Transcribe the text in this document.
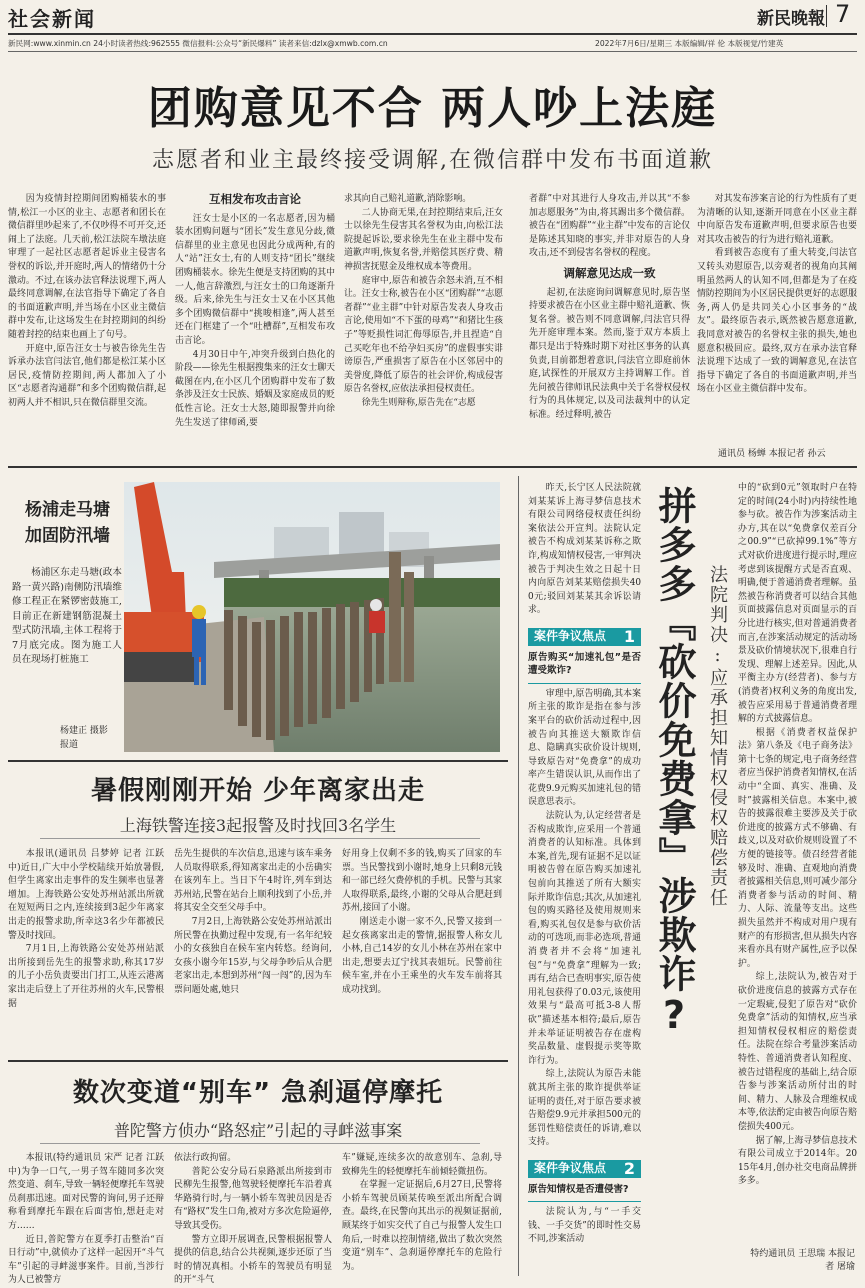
社会新闻	新民晚報 7
新民网:www.xinmin.cn 24小时读者热线:962555 微信报料:公众号“新民爆料” 读者来信:dzlx@xmwb.com.cn	2022年7月6日/星期三 本版编辑/祥 伦 本版视觉/竹建英
团购意见不合 两人吵上法庭
志愿者和业主最终接受调解,在微信群中发布书面道歉

因为疫情封控期间团购桶装水的事情,松江一小区的业主、志愿者和团长在微信群里吵起来了,不仅吵得不可开交,还闹上了法庭。几天前,松江法院车墩法庭审理了一起社区志愿者起诉业主侵害名誉权的诉讼,并开庭时,两人的情绪仍十分激动。不过,在该办法官释法说理下,两人最终同意调解,在法官指导下确定了各自的书面道歉声明,并当场在小区业主微信群中发布,让这场发生在封控期间的纠纷随着封控的结束也画上了句号。

开庭中,原告汪女士与被告徐先生告诉承办法官闫法官,他们都是松江某小区居民,疫情防控期间,两人都加入了小区“志愿者沟通群”和多个团购微信群,起初两人并不相识,只在微信群里交流。

互相发布攻击言论

汪女士是小区的一名志愿者,因为桶装水团购问题与“团长”发生意见分歧,微信群里的业主意见也因此分成两种,有的人“站”汪女士,有的人则支持“团长”继续团购桶装水。徐先生便是支持团购的其中一人,他言辞激烈,与汪女士的口角逐渐升级。后来,徐先生与汪女士又在小区其他多个团购微信群中“挑唆相逢”,两人甚至还在门框建了一个“吐槽群”,互相发布攻击言论。

4月30日中午,冲突升级到白热化的阶段——徐先生根据搜集来的汪女士聊天截图在内,在小区几个团购群中发布了数条涉及汪女士民族、婚姻及家庭成员的贬低性言论。汪女士大怒,随即报警并向徐先生发送了律师函,要

求其向自己赔礼道歉,消除影响。

二人协商无果,在封控期结束后,汪女士以徐先生侵害其名誉权为由,向松江法院提起诉讼,要求徐先生在业主群中发布道歉声明,恢复名誉,并赔偿其医疗费、精神损害抚慰金及维权成本等费用。

庭审中,原告和被告余怒未消,互不相让。汪女士称,被告在小区“团购群”“志愿者群”“业主群”中针对原告发表人身攻击言论,使用如“不下蛋的母鸡”“和猪比生孩子”等贬损性词汇侮辱原告,并且捏造“自己买吃年也不给孕妇买房”的虚假事实诽谤原告,严重损害了原告在小区邻居中的美誉度,降低了原告的社会评价,构成侵害原告名誉权,应依法承担侵权责任。

徐先生则辩称,原告先在“志愿

者群”中对其进行人身攻击,并以其“不参加志愿服务”为由,将其踢出多个微信群。被告在“团购群”“业主群”中发布的言论仅是陈述其知晓的事实,并非对原告的人身攻击,还不到侵害名誉权的程度。

调解意见达成一致

起初,在法庭询问调解意见时,原告坚持要求被告在小区业主群中赔礼道歉、恢复名誉。被告则不同意调解,闫法官只得先开庭审理本案。然而,鉴于双方本质上都只是出于特殊时期下对社区事务的认真负责,目前都想着意识,闫法官立即庭前休庭,试探性的开展双方主持调解工作。首先问被告律师讯民法典中关于名誉权侵权行为的具体规定,以及司法裁判中的认定标准。经过释明,被告

对其发布涉案言论的行为性质有了更为清晰的认知,逐渐开同意在小区业主群中向原告发布道歉声明,但要求原告也要对其攻击被告的行为进行赔礼道歉。

看到被告态度有了重大转变,闫法官又转头劝慰原告,以旁观者的视角向其阐明虽然两人的认知不同,但都是为了在疫情防控期间为小区居民提供更好的志愿服务,两人仍是共同关心小区事务的“战友”。最终原告表示,既然被告愿意道歉,我同意对被告的名誉权主张的损失,她也愿意积极回应。最终,双方在承办法官释法说理下达成了一致的调解意见,在法官指导下确定了各自的书面道歉声明,并当场在小区业主微信群中发布。

通讯员 杨蝉 本报记者 孙云
杨浦走马塘
加固防汛墙
杨浦区东走马塘(政本路一黄兴路)南侧防汛墙维修工程正在紧锣密鼓施工,目前正在新建钢筋混凝土型式防汛墙,主体工程将于7月底完成。图为施工人员在现场打桩施工
杨建正 摄影报道
暑假刚刚开始 少年离家出走
上海铁警连接3起报警及时找回3名学生

本报讯(通讯员 吕梦婷 记者 江跃中)近日,广大中小学校陆续开始放暑假,但学生离家出走事件的发生频率也显著增加。上海铁路公安处苏州站派出所就在短短两日之内,连续接到3起少年离家出走的报警求助,所幸这3名少年都被民警及时找回。

7月1日,上海铁路公安处苏州站派出所接到岳先生的报警求助,称其17岁的儿子小岳负责要出门打工,从连云港离家出走后登上了开往苏州的火车,民警根据

岳先生提供的车次信息,迅速与该车乘务人员取得联系,得知离家出走的小岳确实在该列车上。当日下午4时许,列车到达苏州站,民警在站台上顺利找到了小岳,并将其安全交至父母手中。

7月2日,上海铁路公安处苏州站派出所民警在执勤过程中发现,有一名年纪较小的女孩独自在候车室内转悠。经询问,女孩小谢今年15岁,与父母争吵后从合肥老家出走,本想到苏州“闯一闯”的,因为车票问题处處,她只

好用身上仅剩不多的钱,购买了回家的车票。当民警找到小谢时,她身上只剩8元钱和一部已经欠费停机的手机。民警与其家人取得联系,最终,小谢的父母从合肥赶到苏州,接回了小谢。

刚送走小谢一家不久,民警又接到一起女孩离家出走的警情,据报警人称女儿小林,自己14岁的女儿小林在苏州在家中出走,想要去辽宁找其表姐玩。民警前往候车室,并在小王乘坐的火车发车前将其成功找到。

数次变道“别车” 急刹逼停摩托
普陀警方侦办“路怒症”引起的寻衅滋事案

本报讯(特约通讯员 宋严 记者 江跃中)为争一口气,一男子驾车随同多次突然变道、刹车,导致一辆轻便摩托车驾驶员刹那迅速。面对民警的询问,男子还辩称看到摩托车跟在后面害怕,想赶走对方……

近日,普陀警方在夏季打击整治“百日行动”中,就侦办了这样一起因开“斗气车”引起的寻衅滋事案件。目前,当涉行为人已被警方

依法行政拘留。

普陀公安分局石泉路派出所接到市民柳先生报警,他驾驶轻便摩托车沿着真华路骑行时,与一辆小轿车驾驶员因是否有“路权”发生口角,被对方多次危险逼停,导致其受伤。

警方立即开展调查,民警根据报警人提供的信息,结合公共视频,逐步还原了当时的情况真相。小轿车的驾驶员有明显的开“斗气

车”嫌疑,连续多次的故意别车、急刹,导致柳先生的轻便摩托车前倾轻微扭伤。

在掌握一定证据后,6月27日,民警将小轿车驾驶员顾某传唤至派出所配合调查。最终,在民警向其出示的视频证据前,顾某终于如实交代了自己与报警人发生口角后,一时难以控制情绪,做出了数次突然变道“别车”、急刹逼停摩托车的危险行为。

昨天,长宁区人民法院就刘某某诉上海寻梦信息技术有限公司网络侵权责任纠纷案依法公开宣判。法院认定被告不构成刘某某诉称之欺诈,构成知情权侵害,一审判决被告于判决生效之日起十日内向原告刘某某赔偿损失400元;驳回刘某某其余诉讼请求。

案件争议焦点 1
原告购买“加速礼包”是否遭受欺诈?

审理中,原告明确,其本案所主张的欺诈是指在参与涉案平台的砍价活动过程中,因被告向其推送大额欺诈信息、隐瞒真实砍价设计规则,导致原告对“免费拿”的成功率产生错误认识,从而作出了花费9.9元购买加速礼包的错误意思表示。

法院认为,认定经营者是否构成欺诈,应采用一个普通消费者的认知标准。具体到本案,首先,现有证据不足以证明被告曾在原告购买加速礼包前向其推送了所有大额实际并欺诈信息;其次,从加速礼包的购买路径及使用规则来看,购买礼包仅是参与砍价活动的可选项,而非必选项,普通消费者并不会将“加速礼包”与“免费拿”理解为一致;再有,结合已查明事实,原告使用礼包获得了0.03元,该使用效果与“最高可抵3-8人帮砍”描述基本相符;最后,原告并未举证证明被告存在虚构奖品数量、虚假提示奖等欺诈行为。

综上,法院认为原告未能就其所主张的欺诈提供举证证明的责任,对于原告要求被告赔偿9.9元并承担500元的惩罚性赔偿责任的诉请,难以支持。

案件争议焦点 2
原告知情权是否遭侵害?

法院认为,与“一手交钱、一手交货”的即时性交易不同,涉案活动

拼多多『砍价免费拿』涉欺诈? 法院判决:应承担知情权侵权赔偿责任

中的“砍到0元”领取时户在特定的时间(24小时)内持续性地参与砍。被告作为涉案活动主办方,其在以“免费拿仅差百分之00.9”“已砍掉99.1%”等方式对砍价进度进行提示时,理应考虑到该提醒方式是否直观、明确,便于普通消费者理解。虽然被告称消费者可以结合其他页面披露信息对页面显示的百分比进行核实,但对普通消费者而言,在涉案活动规定的活动场景及砍价情境状况下,很难自行发现、理解上述差异。因此,从平衡主办方(经营者)、参与方(消费者)权利义务的角度出发,被告应采用易于普通消费者理解的方式披露信息。

根据《消费者权益保护法》第八条及《电子商务法》第十七条的规定,电子商务经营者应当保护消费者知情权,在活动中“全面、真实、准确、及时”披露相关信息。本案中,被告的披露很难主要涉及关于砍价进度的披露方式不够确、有歧义,以及对砍价规则设置了不方便的链接等。债召经营者能够及时、准确、直观地向消费者披露相关信息,则可减少部分消费者参与活动的时间、精力、人际、流量等支出。这些损失虽然并不构成对用户现有财产的有形损害,但从损失内容来看亦具有财产属性,应予以保护。

综上,法院认为,被告对于砍价进度信息的披露方式存在一定瑕疵,侵犯了原告对“砍价免费拿”活动的知情权,应当承担知情权侵权相应的赔偿责任。法院在综合考量涉案活动特性、普通消费者认知程度、被告过错程度的基础上,结合原告参与涉案活动所付出的时间、精力、人脉及合理维权成本等,依法酌定由被告向原告赔偿损失400元。

据了解,上海寻梦信息技术有限公司成立于2014年。2015年4月,创办社交电商品牌拼多多。

特约通讯员 王思瑞 本报记者 屠瑜
